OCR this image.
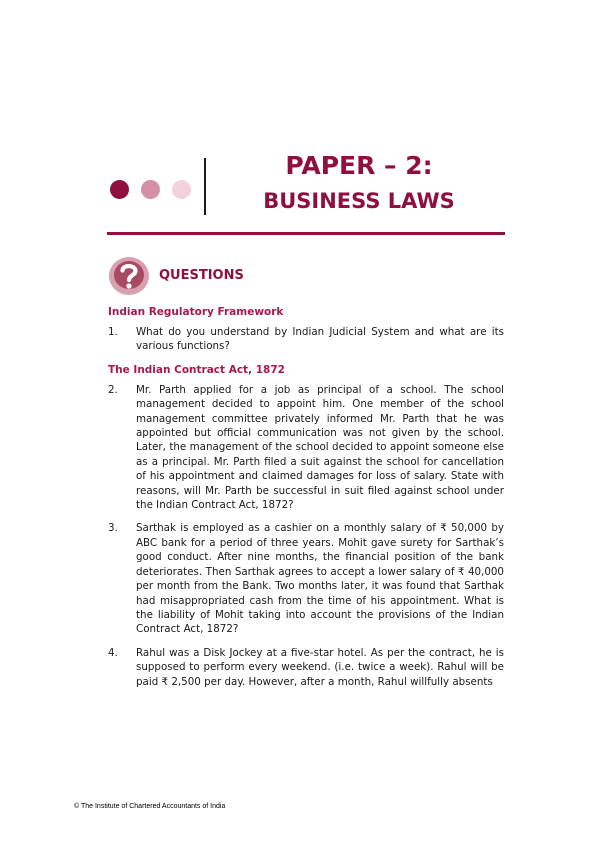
PAPER – 2:
BUSINESS LAWS
QUESTIONS
Indian Regulatory Framework
1.	What do you understand by Indian Judicial System and what are its various functions?
The Indian Contract Act, 1872
2.	Mr. Parth applied for a job as principal of a school. The school management decided to appoint him. One member of the school management committee privately informed Mr. Parth that he was appointed but official communication was not given by the school. Later, the management of the school decided to appoint someone else as a principal. Mr. Parth filed a suit against the school for cancellation of his appointment and claimed damages for loss of salary. State with reasons, will Mr. Parth be successful in suit filed against school under the Indian Contract Act, 1872?
3.	Sarthak is employed as a cashier on a monthly salary of ₹ 50,000 by ABC bank for a period of three years. Mohit gave surety for Sarthak’s good conduct. After nine months, the financial position of the bank deteriorates. Then Sarthak agrees to accept a lower salary of ₹ 40,000 per month from the Bank. Two months later, it was found that Sarthak had misappropriated cash from the time of his appointment. What is the liability of Mohit taking into account the provisions of the Indian Contract Act, 1872?
4.	Rahul was a Disk Jockey at a five-star hotel. As per the contract, he is supposed to perform every weekend. (i.e. twice a week). Rahul will be paid ₹ 2,500 per day. However, after a month, Rahul willfully absents
© The Institute of Chartered Accountants of India
